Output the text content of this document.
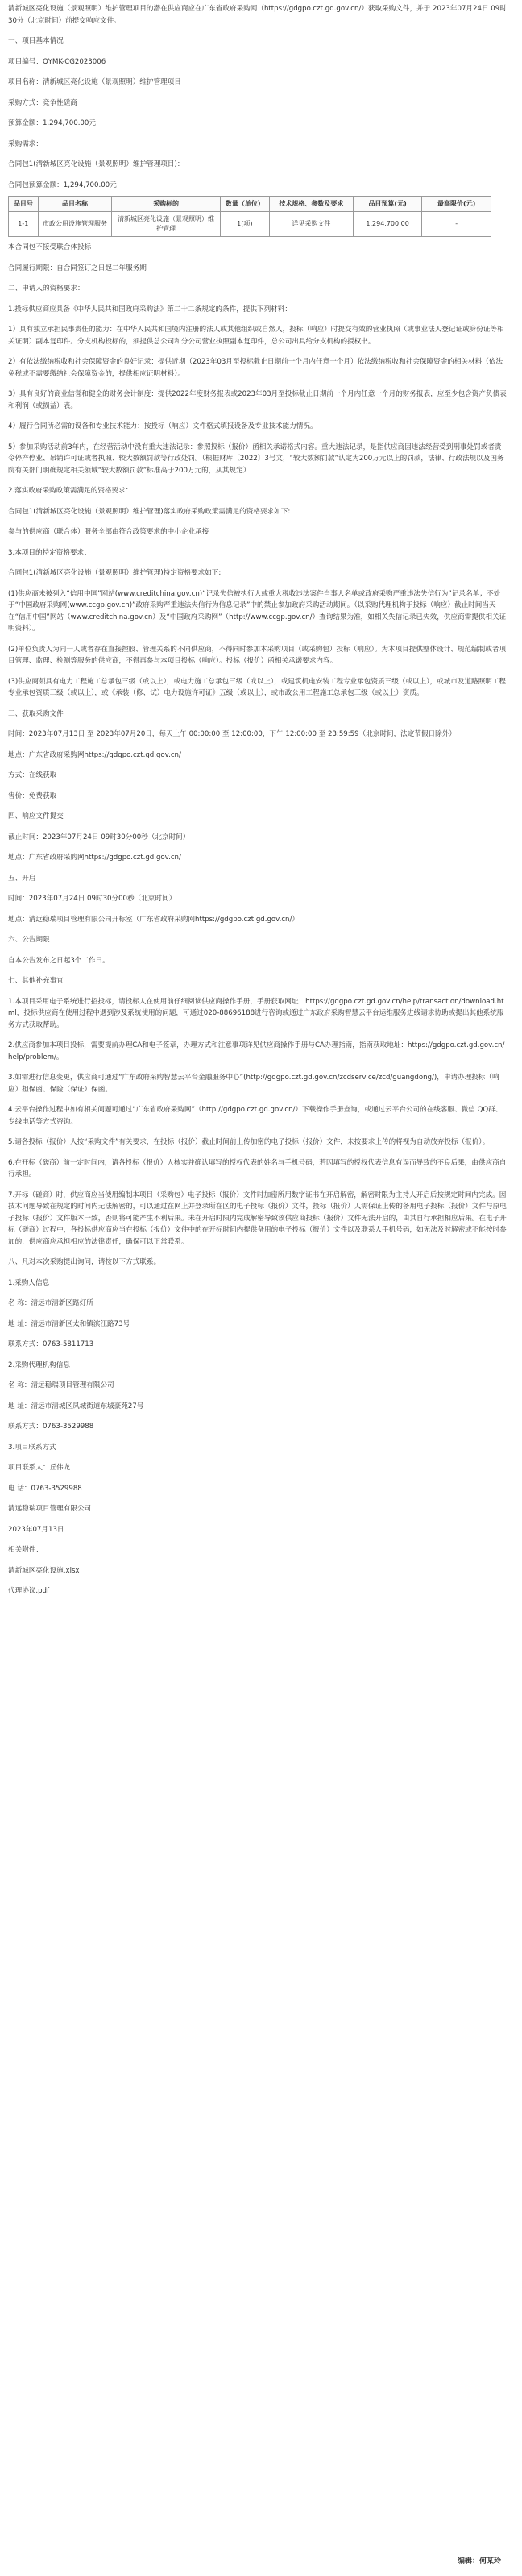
清新城区亮化设施（景观照明）维护管理项目的潜在供应商应在广东省政府采购网（https://gdgpo.czt.gd.gov.cn/）获取采购文件，并于 2023年07月24日 09时30分（北京时间）前提交响应文件。

一、项目基本情况

项目编号：QYMK-CG2023006

项目名称：清新城区亮化设施（景观照明）维护管理项目

采购方式：竞争性磋商

预算金额：1,294,700.00元

采购需求：

合同包1(清新城区亮化设施（景观照明）维护管理项目)：

合同包预算金额：1,294,700.00元

品目号	品目名称	采购标的	数量（单位）	技术规格、参数及要求	品目预算(元)	最高限价(元)
1-1	市政公用设施管理服务	清新城区亮化设施（景观照明）维护管理	1(项)	详见采购文件	1,294,700.00	-

本合同包不接受联合体投标

合同履行期限：自合同签订之日起二年服务期

二、申请人的资格要求：

1.投标供应商应具备《中华人民共和国政府采购法》第二十二条规定的条件，提供下列材料：

1）具有独立承担民事责任的能力：在中华人民共和国境内注册的法人或其他组织或自然人，投标（响应）时提交有效的营业执照（或事业法人登记证或身份证等相关证明）副本复印件。分支机构投标的，须提供总公司和分公司营业执照副本复印件，总公司出具给分支机构的授权书。

2）有依法缴纳税收和社会保障资金的良好记录：提供近期（2023年03月至投标截止日期前一个月内任意一个月）依法缴纳税收和社会保障资金的相关材料（依法免税或不需要缴纳社会保障资金的，提供相应证明材料）。

3）具有良好的商业信誉和健全的财务会计制度：提供2022年度财务报表或2023年03月至投标截止日期前一个月内任意一个月的财务报表，应至少包含资产负债表和利润（或损益）表。

4）履行合同所必需的设备和专业技术能力：按投标（响应）文件格式填报设备及专业技术能力情况。

5）参加采购活动前3年内，在经营活动中没有重大违法记录：参照投标（报价）函相关承诺格式内容。重大违法记录，是指供应商因违法经营受到刑事处罚或者责令停产停业、吊销许可证或者执照、较大数额罚款等行政处罚。（根据财库〔2022〕3号文，“较大数额罚款”认定为200万元以上的罚款，法律、行政法规以及国务院有关部门明确规定相关领域“较大数额罚款”标准高于200万元的，从其规定）

2.落实政府采购政策需满足的资格要求：

合同包1(清新城区亮化设施（景观照明）维护管理)落实政府采购政策需满足的资格要求如下:

参与的供应商（联合体）服务全部由符合政策要求的中小企业承接

3.本项目的特定资格要求：

合同包1(清新城区亮化设施（景观照明）维护管理)特定资格要求如下:

(1)供应商未被列入“信用中国”网站(www.creditchina.gov.cn)“记录失信被执行人或重大税收违法案件当事人名单或政府采购严重违法失信行为”记录名单；不处于“中国政府采购网(www.ccgp.gov.cn)”政府采购严重违法失信行为信息记录”中的禁止参加政府采购活动期间。（以采购代理机构于投标（响应）截止时间当天在“信用中国”网站（www.creditchina.gov.cn）及“中国政府采购网”（http://www.ccgp.gov.cn/）查询结果为准，如相关失信记录已失效，供应商需提供相关证明资料）。

(2)单位负责人为同一人或者存在直接控股、管理关系的不同供应商，不得同时参加本采购项目（或采购包）投标（响应）。为本项目提供整体设计、规范编制或者项目管理、监理、检测等服务的供应商，不得再参与本项目投标（响应）。投标（报价）函相关承诺要求内容。

(3)供应商须具有电力工程施工总承包三级（或以上），或电力施工总承包三级（或以上），或建筑机电安装工程专业承包资质三级（或以上），或城市及道路照明工程专业承包资质三级（或以上），或《承装（修、试）电力设施许可证》五级（或以上），或市政公用工程施工总承包三级（或以上）资质。

三、获取采购文件

时间：2023年07月13日 至 2023年07月20日，每天上午 00:00:00 至 12:00:00，下午 12:00:00 至 23:59:59（北京时间，法定节假日除外）

地点：广东省政府采购网https://gdgpo.czt.gd.gov.cn/

方式：在线获取

售价：免费获取

四、响应文件提交

截止时间：2023年07月24日 09时30分00秒（北京时间）

地点：广东省政府采购网https://gdgpo.czt.gd.gov.cn/

五、开启

时间：2023年07月24日 09时30分00秒（北京时间）

地点：清远稳瑞项目管理有限公司开标室（广东省政府采购网https://gdgpo.czt.gd.gov.cn/）

六、公告期限

自本公告发布之日起3个工作日。

七、其他补充事宜

1.本项目采用电子系统进行招投标，请投标人在使用前仔细阅读供应商操作手册，手册获取网址：https://gdgpo.czt.gd.gov.cn/help/transaction/download.html，投标供应商在使用过程中遇到涉及系统使用的问题，可通过020-88696188进行咨询或通过广东政府采购智慧云平台运维服务进线请求协助或提出其他系统服务方式获取帮助。

2.供应商参加本项目投标，需要提前办理CA和电子签章，办理方式和注意事项详见供应商操作手册与CA办理指南，指南获取地址：https://gdgpo.czt.gd.gov.cn/help/problem/。

3.如需进行信息变更，供应商可通过“广东政府采购智慧云平台金融服务中心”(http://gdgpo.czt.gd.gov.cn/zcdservice/zcd/guangdong/)，申请办理投标（响应）担保函、保险（保证）保函。

4.云平台操作过程中如有相关问题可通过“广东省政府采购网”（http://gdgpo.czt.gd.gov.cn/）下载操作手册查询，或通过云平台公司的在线客服、微信 QQ群、专线电话等方式咨询。

5.请各投标（报价）人按“采购文件”有关要求，在投标（报价）截止时间前上传加密的电子投标（报价）文件，未按要求上传的将视为自动放弃投标（报价）。

6.在开标（磋商）前一定时间内，请各投标（报价）人核实并确认填写的授权代表的姓名与手机号码，若因填写的授权代表信息有误而导致的不良后果，由供应商自行承担。

7.开标（磋商）时，供应商应当使用编制本项目（采购包）电子投标（报价）文件时加密所用数字证书在开启解密，解密时限为主持人开启后按规定时间内完成。因技术问题导致在规定的时间内无法解密的，可以通过在网上并登录所在区的电子投标（报价）文件，投标（报价）人需保证上传的备用电子投标（报价）文件与原电子投标（报价）文件版本一致，否则将可能产生不利后果。未在开启时限内完成解密导致该供应商投标（报价）文件无法开启的，由其自行承担相应后果。在电子开标（磋商）过程中，各投标供应商应当在投标（报价）文件中的在开标时间内提供备用的电子投标（报价）文件以及联系人手机号码，如无法及时解密或不能按时参加的，供应商应承担相应的法律责任，确保可以正常联系。

八、凡对本次采购提出询问，请按以下方式联系。

1.采购人信息

名 称：清远市清新区路灯所

地 址：清远市清新区太和镇滨江路73号

联系方式：0763-5811713

2.采购代理机构信息

名 称：清远稳瑞项目管理有限公司

地 址：清远市清城区凤城街道东城豪苑27号

联系方式：0763-3529988

3.项目联系方式

项目联系人：丘伟龙

电 话：0763-3529988

清远稳瑞项目管理有限公司

2023年07月13日

相关附件：

清新城区亮化设施.xlsx

代理协议.pdf

编辑：何某玲
